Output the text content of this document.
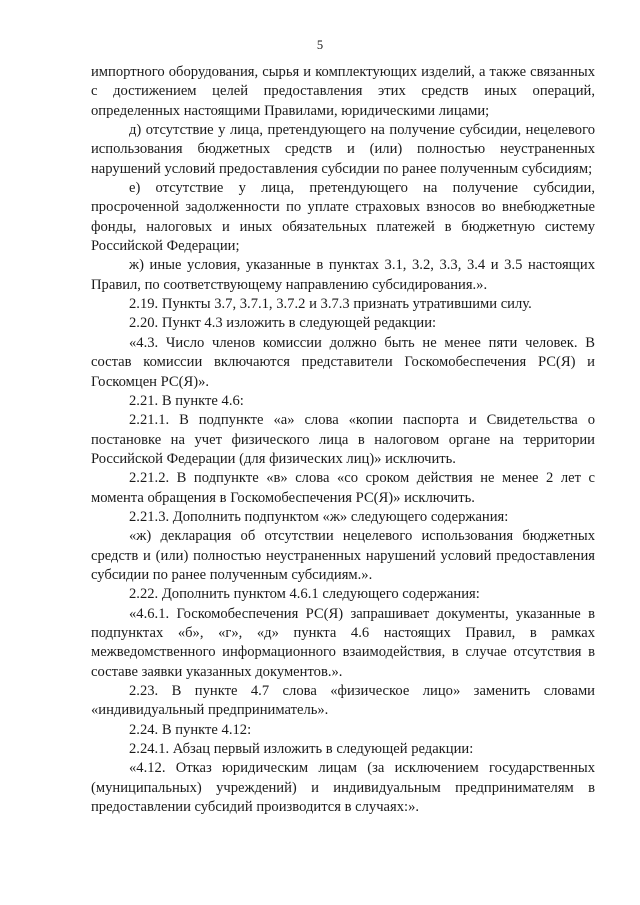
5

импортного оборудования, сырья и комплектующих изделий, а также связанных с достижением целей предоставления этих средств иных операций, определенных настоящими Правилами, юридическими лицами;

д) отсутствие у лица, претендующего на получение субсидии, нецелевого использования бюджетных средств и (или) полностью неустраненных нарушений условий предоставления субсидии по ранее полученным субсидиям;

е) отсутствие у лица, претендующего на получение субсидии, просроченной задолженности по уплате страховых взносов во внебюджетные фонды, налоговых и иных обязательных платежей в бюджетную систему Российской Федерации;

ж) иные условия, указанные в пунктах 3.1, 3.2, 3.3, 3.4 и 3.5 настоящих Правил, по соответствующему направлению субсидирования.».

2.19. Пункты 3.7, 3.7.1, 3.7.2 и 3.7.3 признать утратившими силу.

2.20. Пункт 4.3 изложить в следующей редакции:

«4.3. Число членов комиссии должно быть не менее пяти человек. В состав комиссии включаются представители Госкомобеспечения РС(Я) и Госкомцен РС(Я)».

2.21. В пункте 4.6:

2.21.1. В подпункте «а» слова «копии паспорта и Свидетельства о постановке на учет физического лица в налоговом органе на территории Российской Федерации (для физических лиц)» исключить.

2.21.2. В подпункте «в» слова «со сроком действия не менее 2 лет с момента обращения в Госкомобеспечения РС(Я)» исключить.

2.21.3. Дополнить подпунктом «ж» следующего содержания:

«ж) декларация об отсутствии нецелевого использования бюджетных средств и (или) полностью неустраненных нарушений условий предоставления субсидии по ранее полученным субсидиям.».

2.22. Дополнить пунктом 4.6.1 следующего содержания:

«4.6.1. Госкомобеспечения РС(Я) запрашивает документы, указанные в подпунктах «б», «г», «д» пункта 4.6 настоящих Правил, в рамках межведомственного информационного взаимодействия, в случае отсутствия в составе заявки указанных документов.».

2.23. В пункте 4.7 слова «физическое лицо» заменить словами «индивидуальный предприниматель».

2.24. В пункте 4.12:

2.24.1. Абзац первый изложить в следующей редакции:

«4.12. Отказ юридическим лицам (за исключением государственных (муниципальных) учреждений) и индивидуальным предпринимателям в предоставлении субсидий производится в случаях:».
